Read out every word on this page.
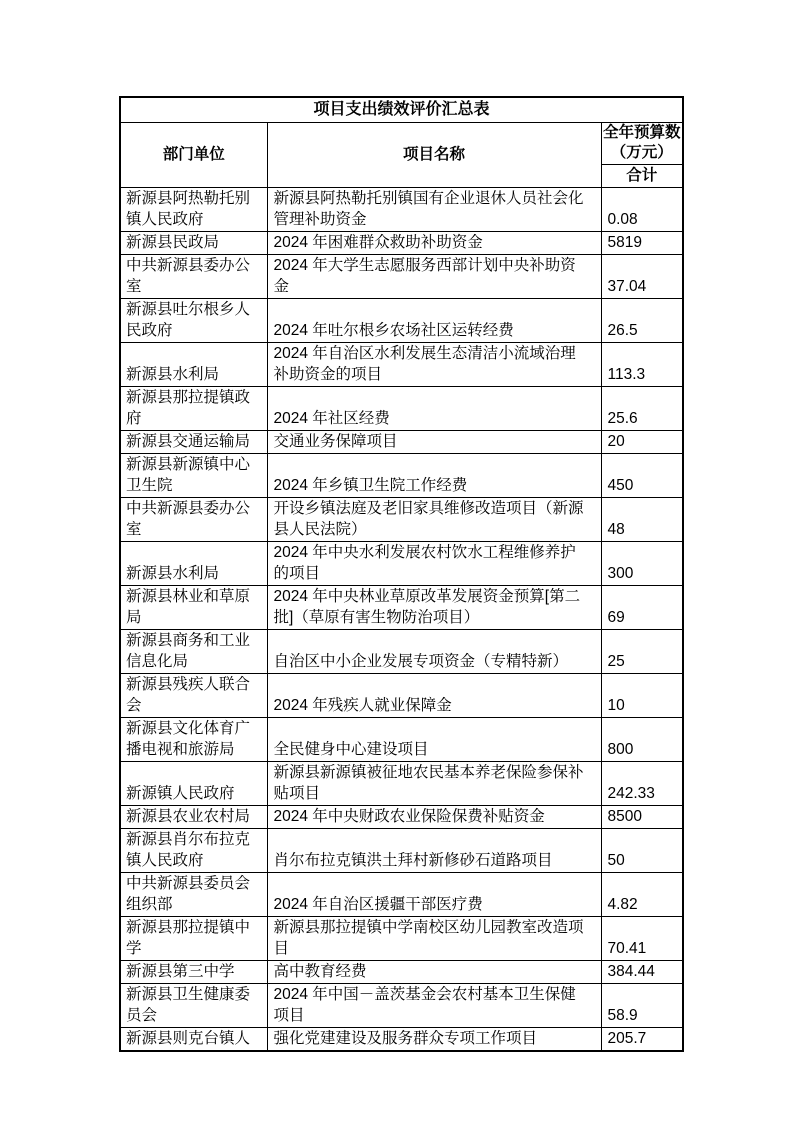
项目支出绩效评价汇总表		
部门单位	项目名称	全年预算数（万元）
		合计
新源县阿热勒托别镇人民政府	新源县阿热勒托别镇国有企业退休人员社会化管理补助资金	0.08
新源县民政局	2024 年困难群众救助补助资金	5819
中共新源县委办公室	2024 年大学生志愿服务西部计划中央补助资金	37.04
新源县吐尔根乡人民政府	2024 年吐尔根乡农场社区运转经费	26.5
新源县水利局	2024 年自治区水利发展生态清洁小流域治理补助资金的项目	113.3
新源县那拉提镇政府	2024 年社区经费	25.6
新源县交通运输局	交通业务保障项目	20
新源县新源镇中心卫生院	2024 年乡镇卫生院工作经费	450
中共新源县委办公室	开设乡镇法庭及老旧家具维修改造项目（新源县人民法院）	48
新源县水利局	2024 年中央水利发展农村饮水工程维修养护的项目	300
新源县林业和草原局	2024 年中央林业草原改革发展资金预算[第二批]（草原有害生物防治项目）	69
新源县商务和工业信息化局	自治区中小企业发展专项资金（专精特新）	25
新源县残疾人联合会	2024 年残疾人就业保障金	10
新源县文化体育广播电视和旅游局	全民健身中心建设项目	800
新源镇人民政府	新源县新源镇被征地农民基本养老保险参保补贴项目	242.33
新源县农业农村局	2024 年中央财政农业保险保费补贴资金	8500
新源县肖尔布拉克镇人民政府	肖尔布拉克镇洪土拜村新修砂石道路项目	50
中共新源县委员会组织部	2024 年自治区援疆干部医疗费	4.82
新源县那拉提镇中学	新源县那拉提镇中学南校区幼儿园教室改造项目	70.41
新源县第三中学	高中教育经费	384.44
新源县卫生健康委员会	2024 年中国－盖茨基金会农村基本卫生保健项目	58.9
新源县则克台镇人	强化党建建设及服务群众专项工作项目	205.7
